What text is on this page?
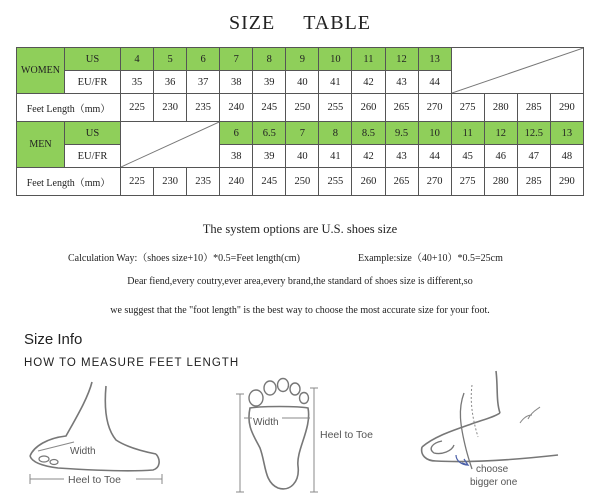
SIZE TABLE
WOMEN	US	4	5	6	7	8	9	10	11	12	13	

	EU/FR	35	36	37	38	39	40	41	42	43	44				
Feet Length（mm）		225	230	235	240	245	250	255	260	265	270	275	280	285	290
MEN	US				6	6.5	7	8	8.5	9.5	10	11	12	12.5	13
	EU/FR				38	39	40	41	42	43	44	45	46	47	48
Feet Length（mm）		225	230	235	240	245	250	255	260	265	270	275	280	285	290
The system options are U.S. shoes size
Calculation Way:（shoes size+10）*0.5=Feet length(cm)	Example:size（40+10）*0.5=25cm
Dear fiend,every coutry,ever area,every brand,the standard of shoes size is different,so
we suggest that the "foot length" is the best way to choose the most accurate size for your foot.
Size Info
HOW TO MEASURE FEET LENGTH
Width
Heel to Toe
Width
Heel to Toe
choose
bigger one
